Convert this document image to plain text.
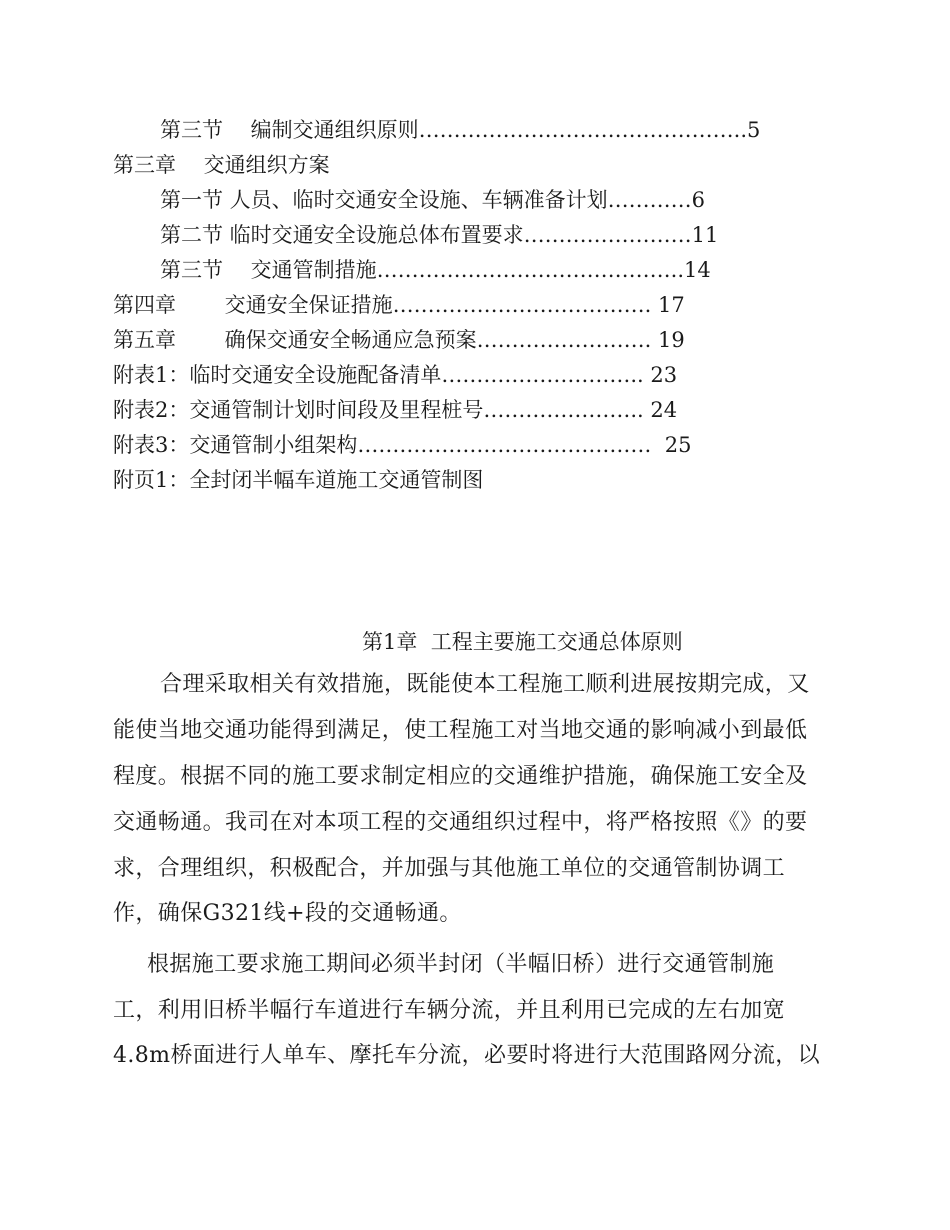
第三节　 编制交通组织原则………………………………………..5
第三章　 交通组织方案
第一节 人员、临时交通安全设施、车辆准备计划…………6
第二节 临时交通安全设施总体布置要求……………………11
第三节　 交通管制措施……………………………………..14
第四章　 　交通安全保证措施………………………………. 17
第五章　 　确保交通安全畅通应急预案……………………. 19
附表1：临时交通安全设施配备清单……………………….. 23
附表2：交通管制计划时间段及里程桩号………………….. 24
附表3：交通管制小组架构……………………………………  25
附页1：全封闭半幅车道施工交通管制图
第1章  工程主要施工交通总体原则
合理采取相关有效措施，既能使本工程施工顺利进展按期完成，又
能使当地交通功能得到满足，使工程施工对当地交通的影响减小到最低
程度。根据不同的施工要求制定相应的交通维护措施，确保施工安全及
交通畅通。我司在对本项工程的交通组织过程中，将严格按照《》的要
求，合理组织，积极配合，并加强与其他施工单位的交通管制协调工
作，确保G321线+段的交通畅通。
根据施工要求施工期间必须半封闭（半幅旧桥）进行交通管制施
工，利用旧桥半幅行车道进行车辆分流，并且利用已完成的左右加宽
4.8m桥面进行人单车、摩托车分流，必要时将进行大范围路网分流，以
